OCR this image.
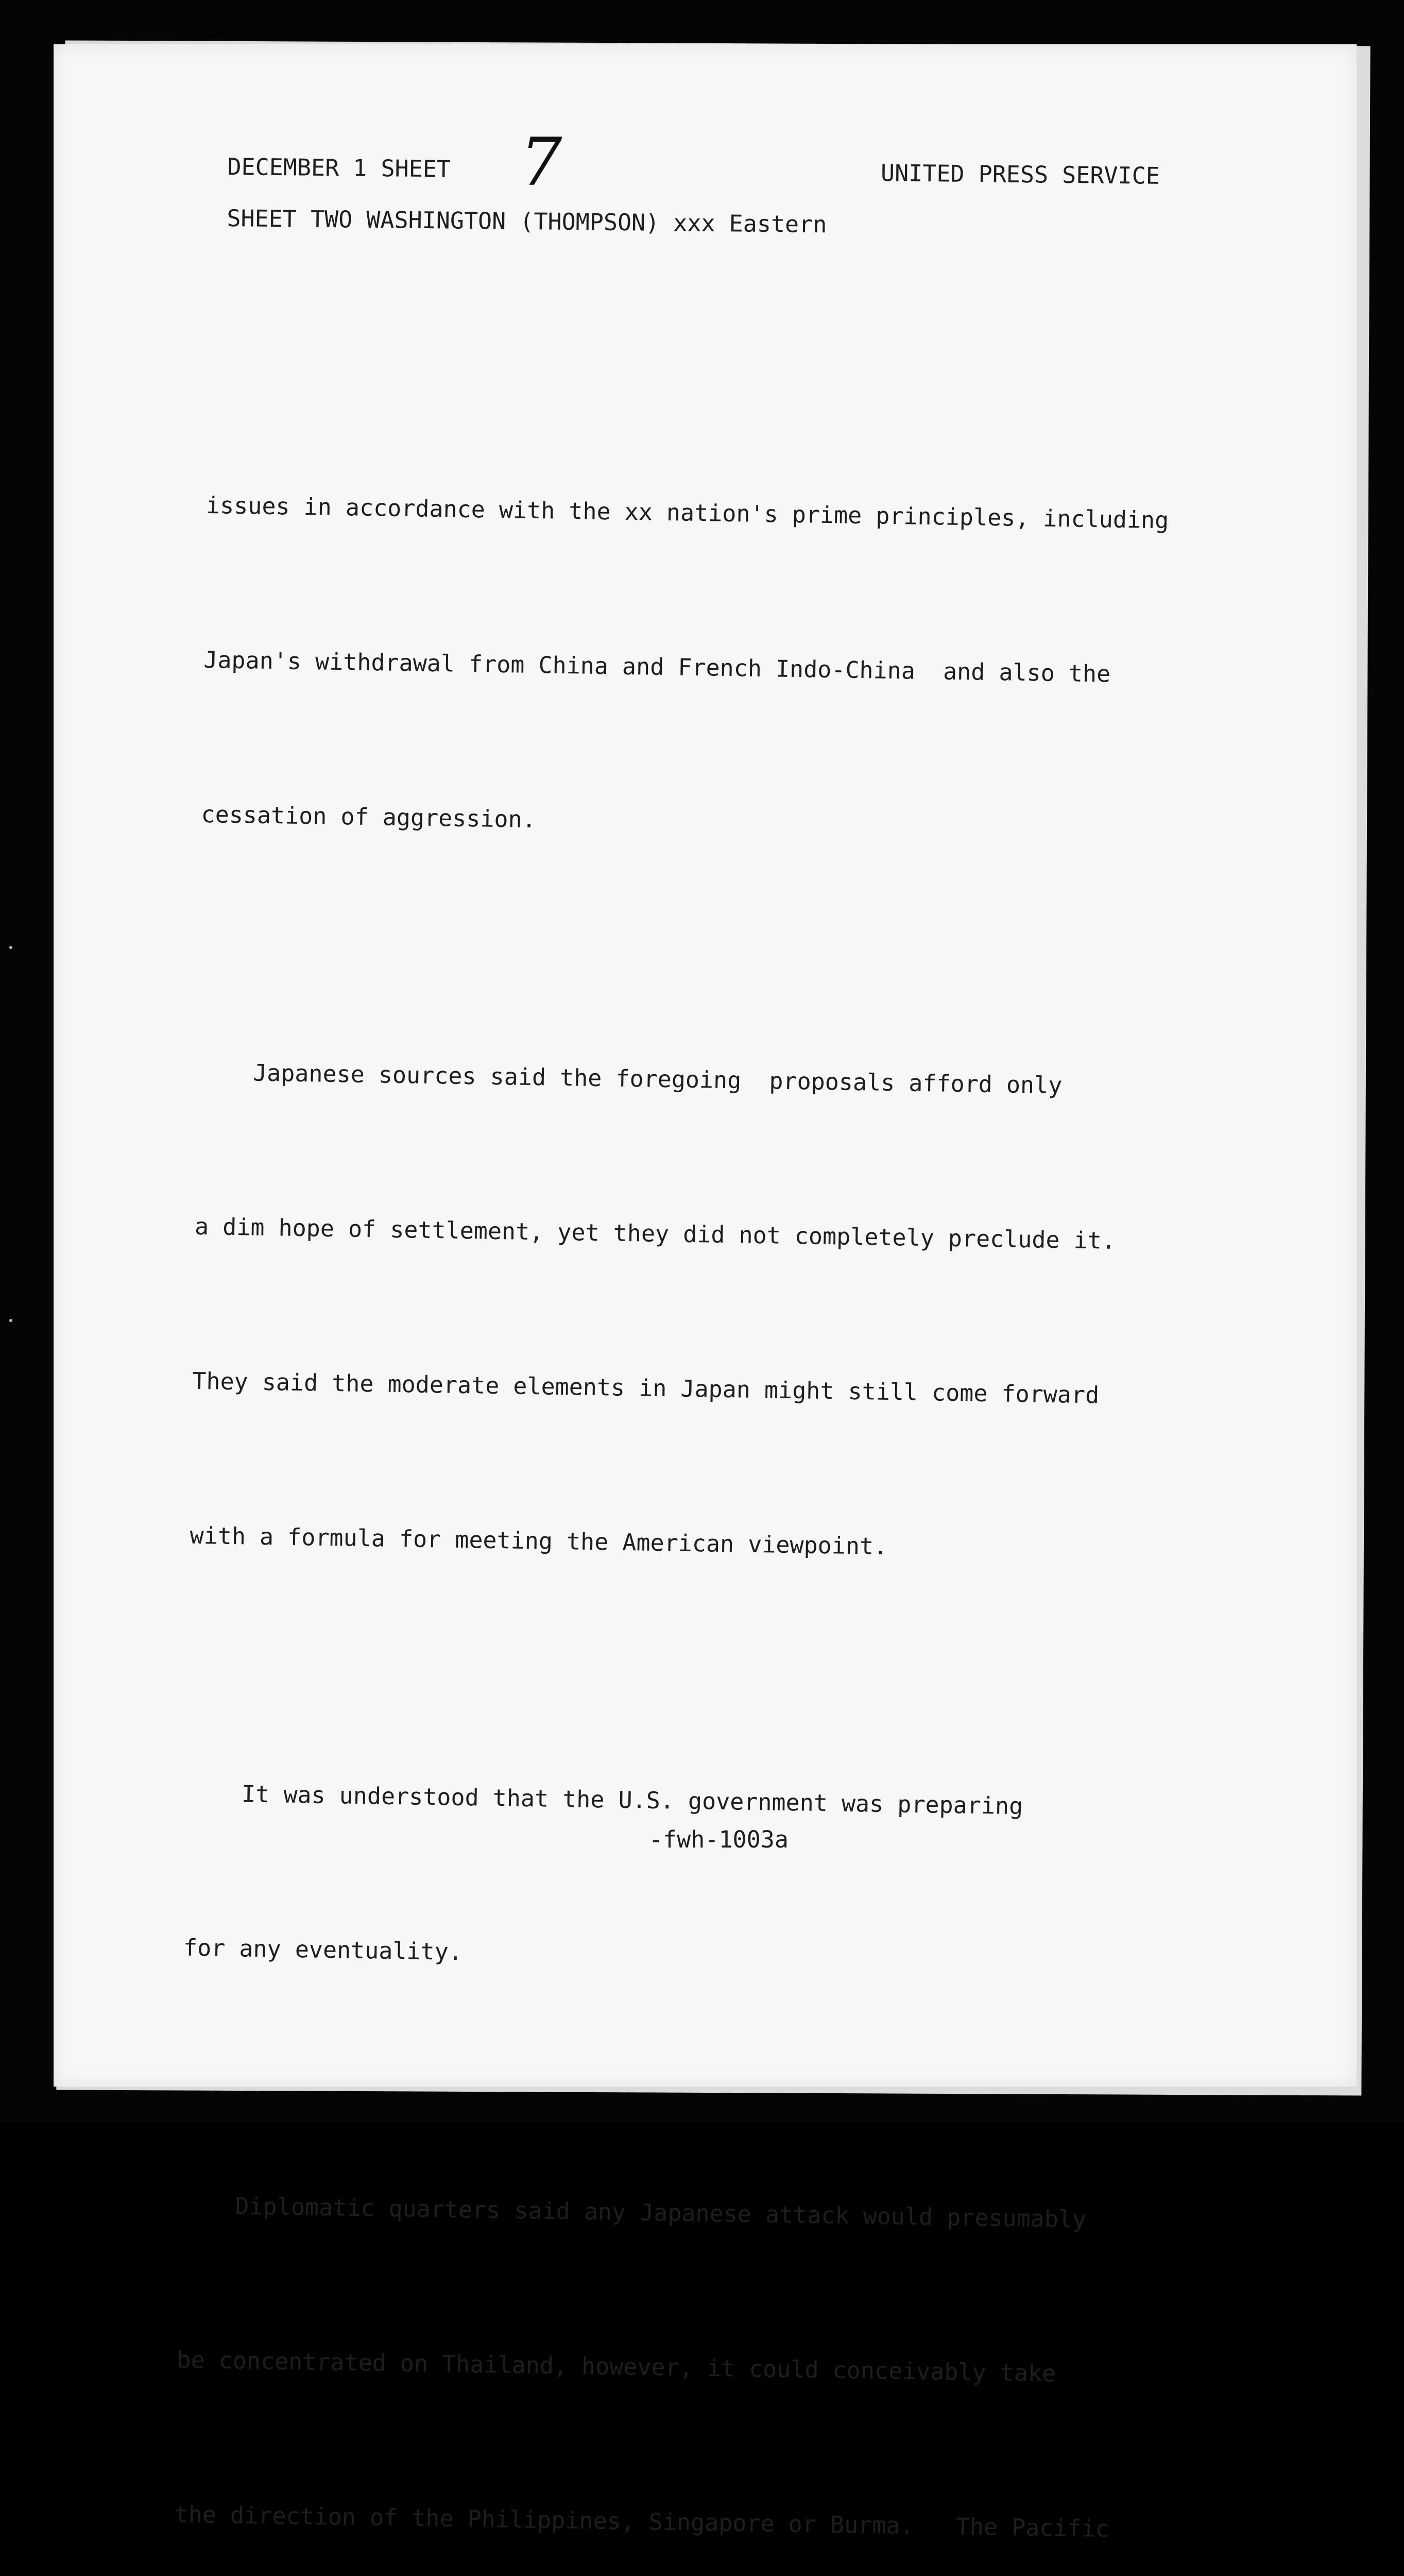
DECEMBER 1 SHEET
SHEET TWO WASHINGTON (THOMPSON) xxx Eastern
7	UNITED PRESS SERVICE

issues in accordance with the xx nation's prime principles, including

Japan's withdrawal from China and French Indo-China  and also the

cessation of aggression.

Japanese sources said the foregoing  proposals afford only

a dim hope of settlement, yet they did not completely preclude it.

They said the moderate elements in Japan might still come forward

with a formula for meeting the American viewpoint.

It was understood that the U.S. government was preparing

for any eventuality.

Diplomatic quarters said any Japanese attack would presumably

be concentrated on Thailand, however, it could conceivably take

the direction of the Philippines, Singapore or Burma.   The Pacific

-fwh-1003a
